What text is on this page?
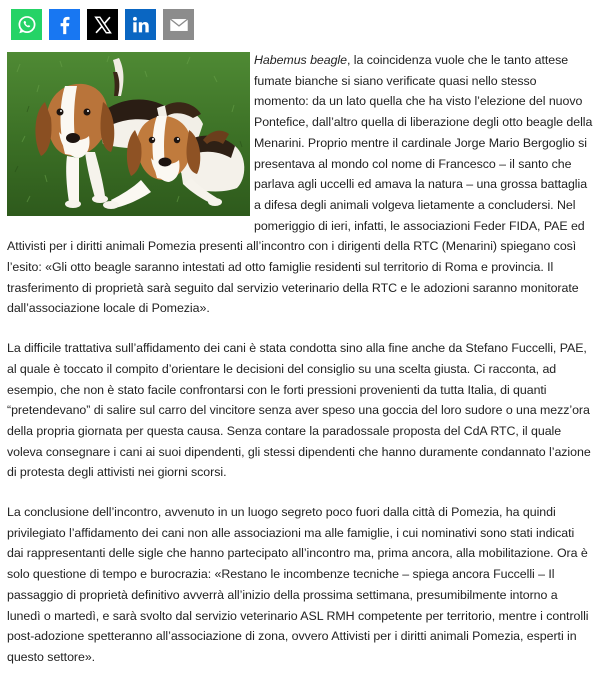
Habemus beagle, la coincidenza vuole che le tanto attese fumate bianche si siano verificate quasi nello stesso momento: da un lato quella che ha visto l’elezione del nuovo Pontefice, dall’altro quella di liberazione degli otto beagle della Menarini. Proprio mentre il cardinale Jorge Mario Bergoglio si presentava al mondo col nome di Francesco – il santo che parlava agli uccelli ed amava la natura – una grossa battaglia a difesa degli animali volgeva lietamente a concludersi. Nel pomeriggio di ieri, infatti, le associazioni Feder FIDA, PAE ed Attivisti per i diritti animali Pomezia presenti all’incontro con i dirigenti della RTC (Menarini) spiegano così l’esito: «Gli otto beagle saranno intestati ad otto famiglie residenti sul territorio di Roma e provincia. Il trasferimento di proprietà sarà seguito dal servizio veterinario della RTC e le adozioni saranno monitorate dall’associazione locale di Pomezia».

La difficile trattativa sull’affidamento dei cani è stata condotta sino alla fine anche da Stefano Fuccelli, PAE, al quale è toccato il compito d’orientare le decisioni del consiglio su una scelta giusta. Ci racconta, ad esempio, che non è stato facile confrontarsi con le forti pressioni provenienti da tutta Italia, di quanti “pretendevano” di salire sul carro del vincitore senza aver speso una goccia del loro sudore o una mezz’ora della propria giornata per questa causa. Senza contare la paradossale proposta del CdA RTC, il quale voleva consegnare i cani ai suoi dipendenti, gli stessi dipendenti che hanno duramente condannato l’azione di protesta degli attivisti nei giorni scorsi.

La conclusione dell’incontro, avvenuto in un luogo segreto poco fuori dalla città di Pomezia, ha quindi privilegiato l’affidamento dei cani non alle associazioni ma alle famiglie, i cui nominativi sono stati indicati dai rappresentanti delle sigle che hanno partecipato all’incontro ma, prima ancora, alla mobilitazione. Ora è solo questione di tempo e burocrazia: «Restano le incombenze tecniche – spiega ancora Fuccelli – Il passaggio di proprietà definitivo avverrà all’inizio della prossima settimana, presumibilmente intorno a lunedì o martedì, e sarà svolto dal servizio veterinario ASL RMH competente per territorio, mentre i controlli post-adozione spetteranno all’associazione di zona, ovvero Attivisti per i diritti animali Pomezia, esperti in questo settore».
